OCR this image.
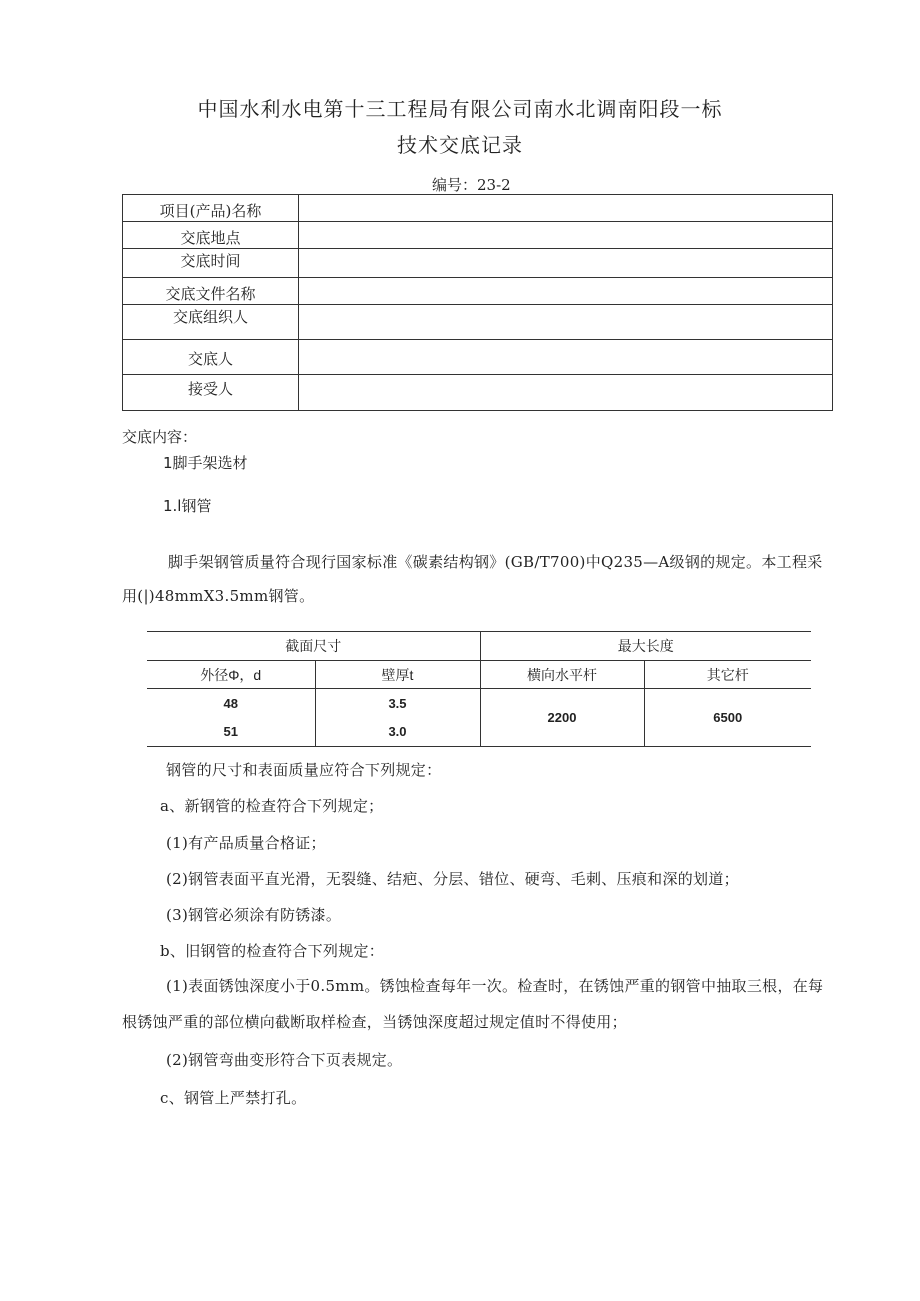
中国水利水电第十三工程局有限公司南水北调南阳段一标
技术交底记录
编号：23-2
项目(产品)名称	
交底地点	
交底时间	
交底文件名称	
交底组织人	
交底人	
接受人	
交底内容：
1脚手架选材
1.l钢管
脚手架钢管质量符合现行国家标准《碳素结构钢》(GB/T700)中Q235—A级钢的规定。本工程采用(|)48mmX3.5mm钢管。
截面尺寸		最大长度	
外径Φ，d	壁厚t	横向水平杆	其它杆
48	3.5	2200	6500
51	3.0		
钢管的尺寸和表面质量应符合下列规定：
a、新钢管的检查符合下列规定；
(1)有产品质量合格证；
(2)钢管表面平直光滑，无裂缝、结疤、分层、错位、硬弯、毛刺、压痕和深的划道；
(3)钢管必须涂有防锈漆。
b、旧钢管的检查符合下列规定：
(1)表面锈蚀深度小于0.5mm。锈蚀检查每年一次。检查时，在锈蚀严重的钢管中抽取三根，在每根锈蚀严重的部位横向截断取样检查，当锈蚀深度超过规定值时不得使用；
(2)钢管弯曲变形符合下页表规定。
c、钢管上严禁打孔。
